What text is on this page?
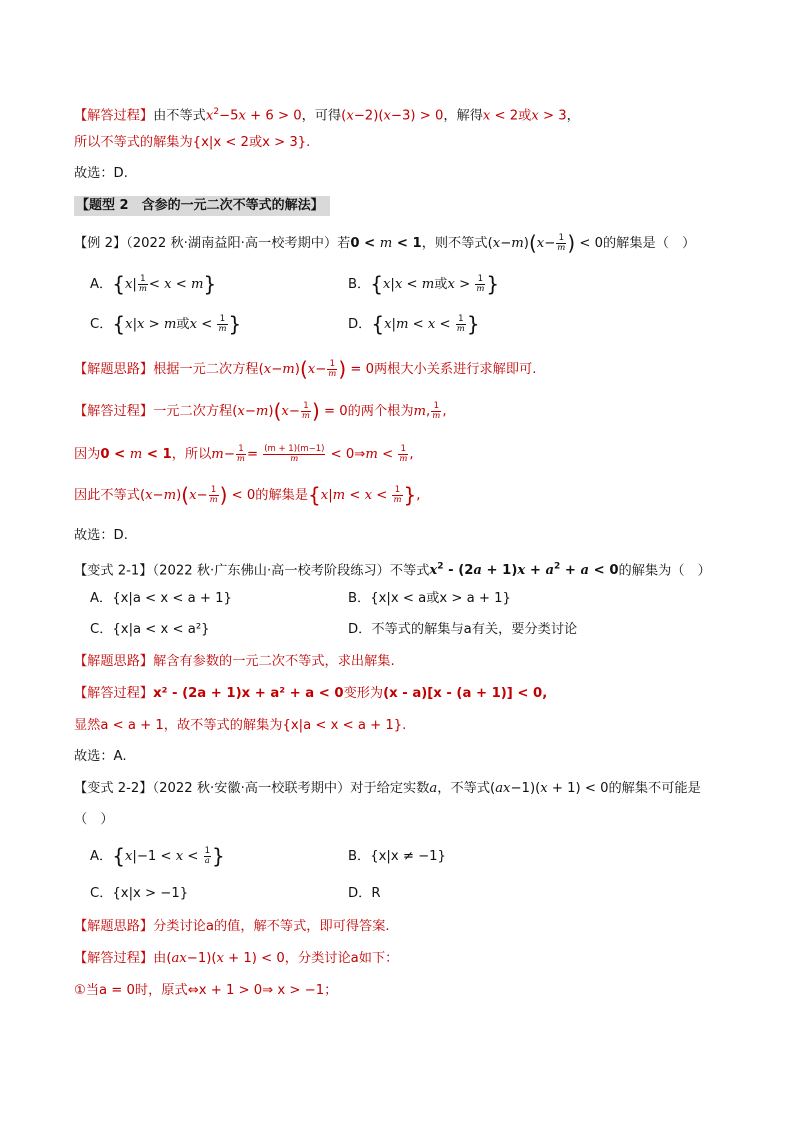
【解答过程】由不等式$x^2-5x + 6 > 0$，可得(x−2)(x−3) > 0，解得x < 2或x > 3，
所以不等式的解集为{x|x < 2或x > 3}.
故选：D.
【题型 2　含参的一元二次不等式的解法】
【例 2】（2022 秋·湖南益阳·高一校考期中）若0 < m < 1，则不等式$(x-m)(x- \frac{1}{m}$ ) < 0的解集是（　）
A．$\{x| \frac{1}{m} < x < m\}$	B．{x|x < m或$x > \frac{1}{m}$ }
C．{x|x > m或$x < \frac{1}{m}$ }	D．{$x|m < x < \frac{1}{m}$ }
【解题思路】根据一元二次方程$(x-m)(x- \frac{1}{m}$ ) = 0两根大小关系进行求解即可.
【解答过程】一元二次方程$(x-m)(x- \frac{1}{m}$ ) = 0的两个根为m, $\frac{1}{m}$ ,
因为0 < m < 1，所以$m- \frac{1}{m} = \frac{(m + 1)(m-1)}{m}$ < 0⇒m < $\frac{1}{m}$ ,
因此不等式$(x-m)(x- \frac{1}{m}$ ) < 0的解集是{$x|m < x < \frac{1}{m}$ },
故选：D.
【变式 2-1】（2022 秋·广东佛山·高一校考阶段练习）不等式$x^2 - (2a + 1)x + a^2 + a < 0$的解集为（　）
A．{x|a < x < a + 1}	B．{x|x < a或x > a + 1}
C．{x|a < x < a²}	D．不等式的解集与a有关，要分类讨论
【解题思路】解含有参数的一元二次不等式，求出解集.
【解答过程】x² - (2a + 1)x + a² + a < 0变形为(x - a)[x - (a + 1)] < 0,
显然a < a + 1，故不等式的解集为{x|a < x < a + 1}.
故选：A.
【变式 2-2】（2022 秋·安徽·高一校联考期中）对于给定实数a，不等式(ax−1)(x + 1) < 0的解集不可能是
（　）
A．{$x|-1 < x < \frac{1}{a}$ }	B．{x|x ≠ −1}
C．{x|x > −1}	D．R
【解题思路】分类讨论a的值，解不等式，即可得答案.
【解答过程】由(ax−1)(x + 1) < 0，分类讨论a如下：
①当a = 0时，原式⇔x + 1 > 0⇒ x > −1；
